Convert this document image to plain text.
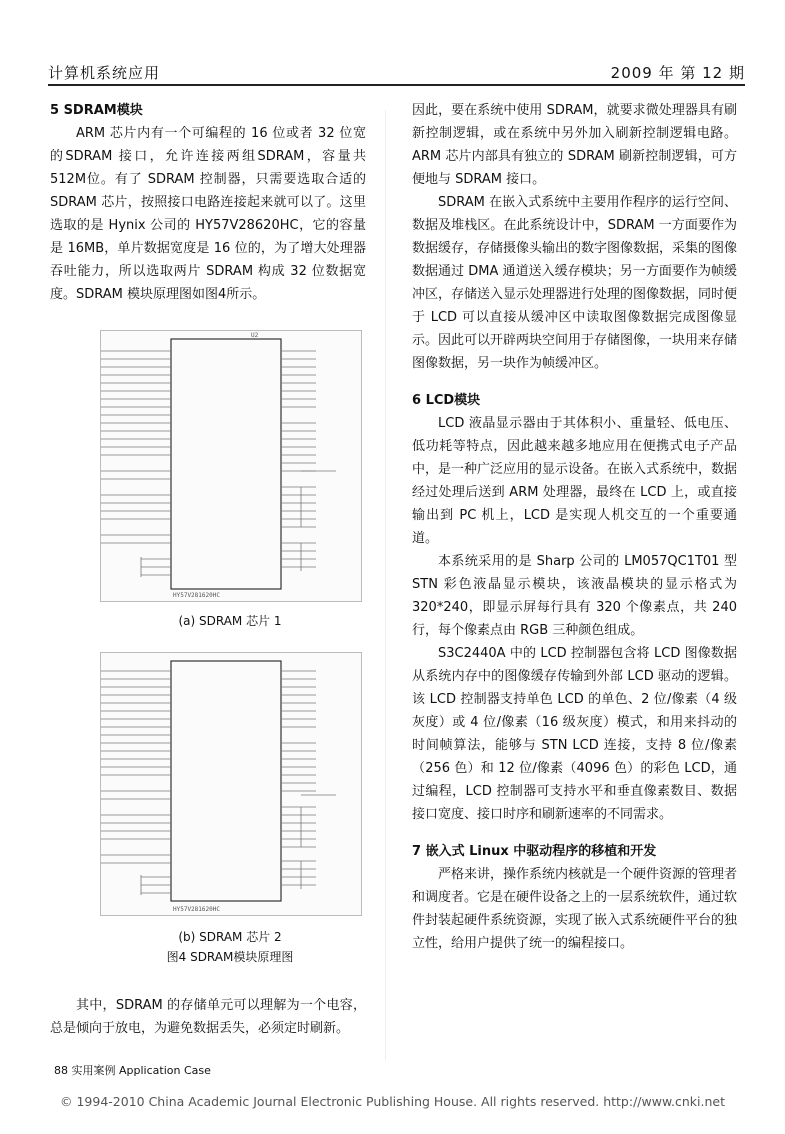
计算机系统应用	2009 年 第 12 期
5 SDRAM模块

ARM 芯片内有一个可编程的 16 位或者 32 位宽的SDRAM 接口，允许连接两组SDRAM，容量共 512M位。有了 SDRAM 控制器，只需要选取合适的 SDRAM 芯片，按照接口电路连接起来就可以了。这里选取的是 Hynix 公司的 HY57V28620HC，它的容量是 16MB，单片数据宽度是 16 位的，为了增大处理器吞吐能力，所以选取两片 SDRAM 构成 32 位数据宽度。SDRAM 模块原理图如图4所示。

U2
HY57V281620HC
(a) SDRAM 芯片 1
HY57V281620HC
(b) SDRAM 芯片 2
图4 SDRAM模块原理图

其中，SDRAM 的存储单元可以理解为一个电容，总是倾向于放电，为避免数据丢失，必须定时刷新。

因此，要在系统中使用 SDRAM，就要求微处理器具有刷新控制逻辑，或在系统中另外加入刷新控制逻辑电路。ARM 芯片内部具有独立的 SDRAM 刷新控制逻辑，可方便地与 SDRAM 接口。

SDRAM 在嵌入式系统中主要用作程序的运行空间、数据及堆栈区。在此系统设计中，SDRAM 一方面要作为数据缓存，存储摄像头输出的数字图像数据，采集的图像数据通过 DMA 通道送入缓存模块；另一方面要作为帧缓冲区，存储送入显示处理器进行处理的图像数据，同时便于 LCD 可以直接从缓冲区中读取图像数据完成图像显示。因此可以开辟两块空间用于存储图像，一块用来存储图像数据，另一块作为帧缓冲区。

6 LCD模块

LCD 液晶显示器由于其体积小、重量轻、低电压、低功耗等特点，因此越来越多地应用在便携式电子产品中，是一种广泛应用的显示设备。在嵌入式系统中，数据经过处理后送到 ARM 处理器，最终在 LCD 上，或直接输出到 PC 机上，LCD 是实现人机交互的一个重要通道。

本系统采用的是 Sharp 公司的 LM057QC1T01 型 STN 彩色液晶显示模块，该液晶模块的显示格式为 320*240，即显示屏每行具有 320 个像素点，共 240 行，每个像素点由 RGB 三种颜色组成。

S3C2440A 中的 LCD 控制器包含将 LCD 图像数据从系统内存中的图像缓存传输到外部 LCD 驱动的逻辑。该 LCD 控制器支持单色 LCD 的单色、2 位/像素（4 级灰度）或 4 位/像素（16 级灰度）模式，和用来抖动的时间帧算法，能够与 STN LCD 连接，支持 8 位/像素（256 色）和 12 位/像素（4096 色）的彩色 LCD，通过编程，LCD 控制器可支持水平和垂直像素数目、数据接口宽度、接口时序和刷新速率的不同需求。

7 嵌入式 Linux 中驱动程序的移植和开发

严格来讲，操作系统内核就是一个硬件资源的管理者和调度者。它是在硬件设备之上的一层系统软件，通过软件封装起硬件系统资源，实现了嵌入式系统硬件平台的独立性，给用户提供了统一的编程接口。

88 实用案例 Application Case
© 1994-2010 China Academic Journal Electronic Publishing House. All rights reserved. http://www.cnki.net
